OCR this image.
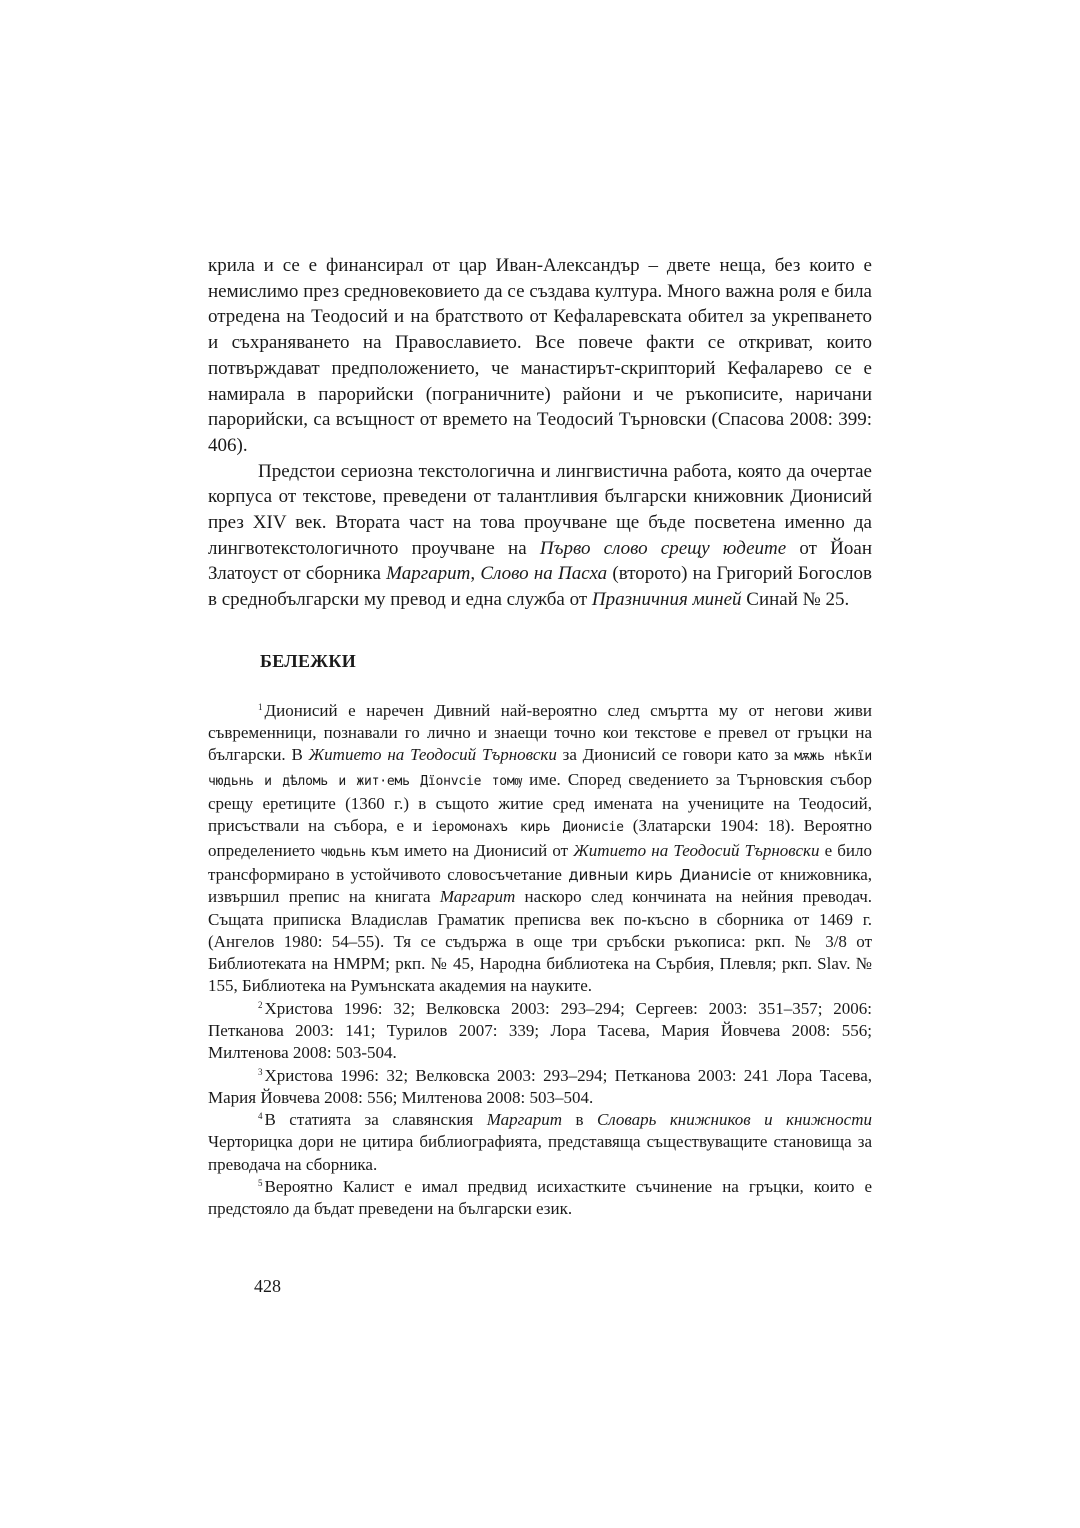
крила и се е финансирал от цар Иван-Александър – двете неща, без които е немислимо през средновековието да се създава култура. Много важна роля е била отредена на Теодосий и на братството от Кефаларевската обител за укрепването и съхраняването на Православието. Все повече факти се откриват, които потвърждават предположението, че манастирът-скрипторий Кефаларево се е намирала в парорийски (пограничните) райони и че ръкописите, наричани парорийски, са всъщност от времето на Теодосий Търновски (Спасова 2008: 399: 406).

Предстои сериозна текстологична и лингвистична работа, която да очертае корпуса от текстове, преведени от талантливия български книжовник Дионисий през XIV век. Втората част на това проучване ще бъде посветена именно да лингвотекстологичното проучване на Първо слово срещу юдеите от Йоан Златоуст от сборника Маргарит, Слово на Пасха (второто) на Григорий Богослов в среднобългарски му превод и една служба от Празничния миней Синай № 25.

БЕЛЕЖКИ

$^1$ Дионисий е наречен Дивний най-вероятно след смъртта му от негови живи съвременници, познавали го лично и знаещи точно кои текстове е превел от гръцки на български. В Житието на Теодосий Търновски за Дионисий се говори като за мѫжь нѣкїи чюдьнь и дѣломь и жит·емь Дїонvсiе томѹ име. Според сведението за Търновския събор срещу еретиците (1360 г.) в същото житие сред имената на учениците на Теодосий, присъствали на събора, е и iеромонахъ кирь Дионисiе (Златарски 1904: 18). Вероятно определението чюдьнь към името на Дионисий от Житието на Теодосий Търновски е било трансформирано в устойчивото словосъчетание дивныи кирь Дианисiе от книжовника, извършил препис на книгата Маргарит наскоро след кончината на нейния преводач. Същата приписка Владислав Граматик преписва век по-късно в сборника от 1469 г. (Ангелов 1980: 54–55). Тя се съдържа в още три сръбски ръкописа: ркп. № 3/8 от Библиотеката на НМРМ; ркп. № 45, Народна библиотека на Сърбия, Плевля; ркп. Slav. № 155, Библиотека на Румънската академия на науките.

$^2$ Христова 1996: 32; Велковска 2003: 293–294; Сергеев: 2003: 351–357; 2006: Петканова 2003: 141; Турилов 2007: 339; Лора Тасева, Мария Йовчева 2008: 556; Милтенова 2008: 503-504.

$^3$ Христова 1996: 32; Велковска 2003: 293–294; Петканова 2003: 241 Лора Тасева, Мария Йовчева 2008: 556; Милтенова 2008: 503–504.

$^4$ В статията за славянския Маргарит в Словарь книжников и книжности Черторицка дори не цитира библиографията, представяща съществуващите становища за преводача на сборника.

$^5$ Вероятно Калист е имал предвид исихастките съчинение на гръцки, които е предстояло да бъдат преведени на български език.

428
